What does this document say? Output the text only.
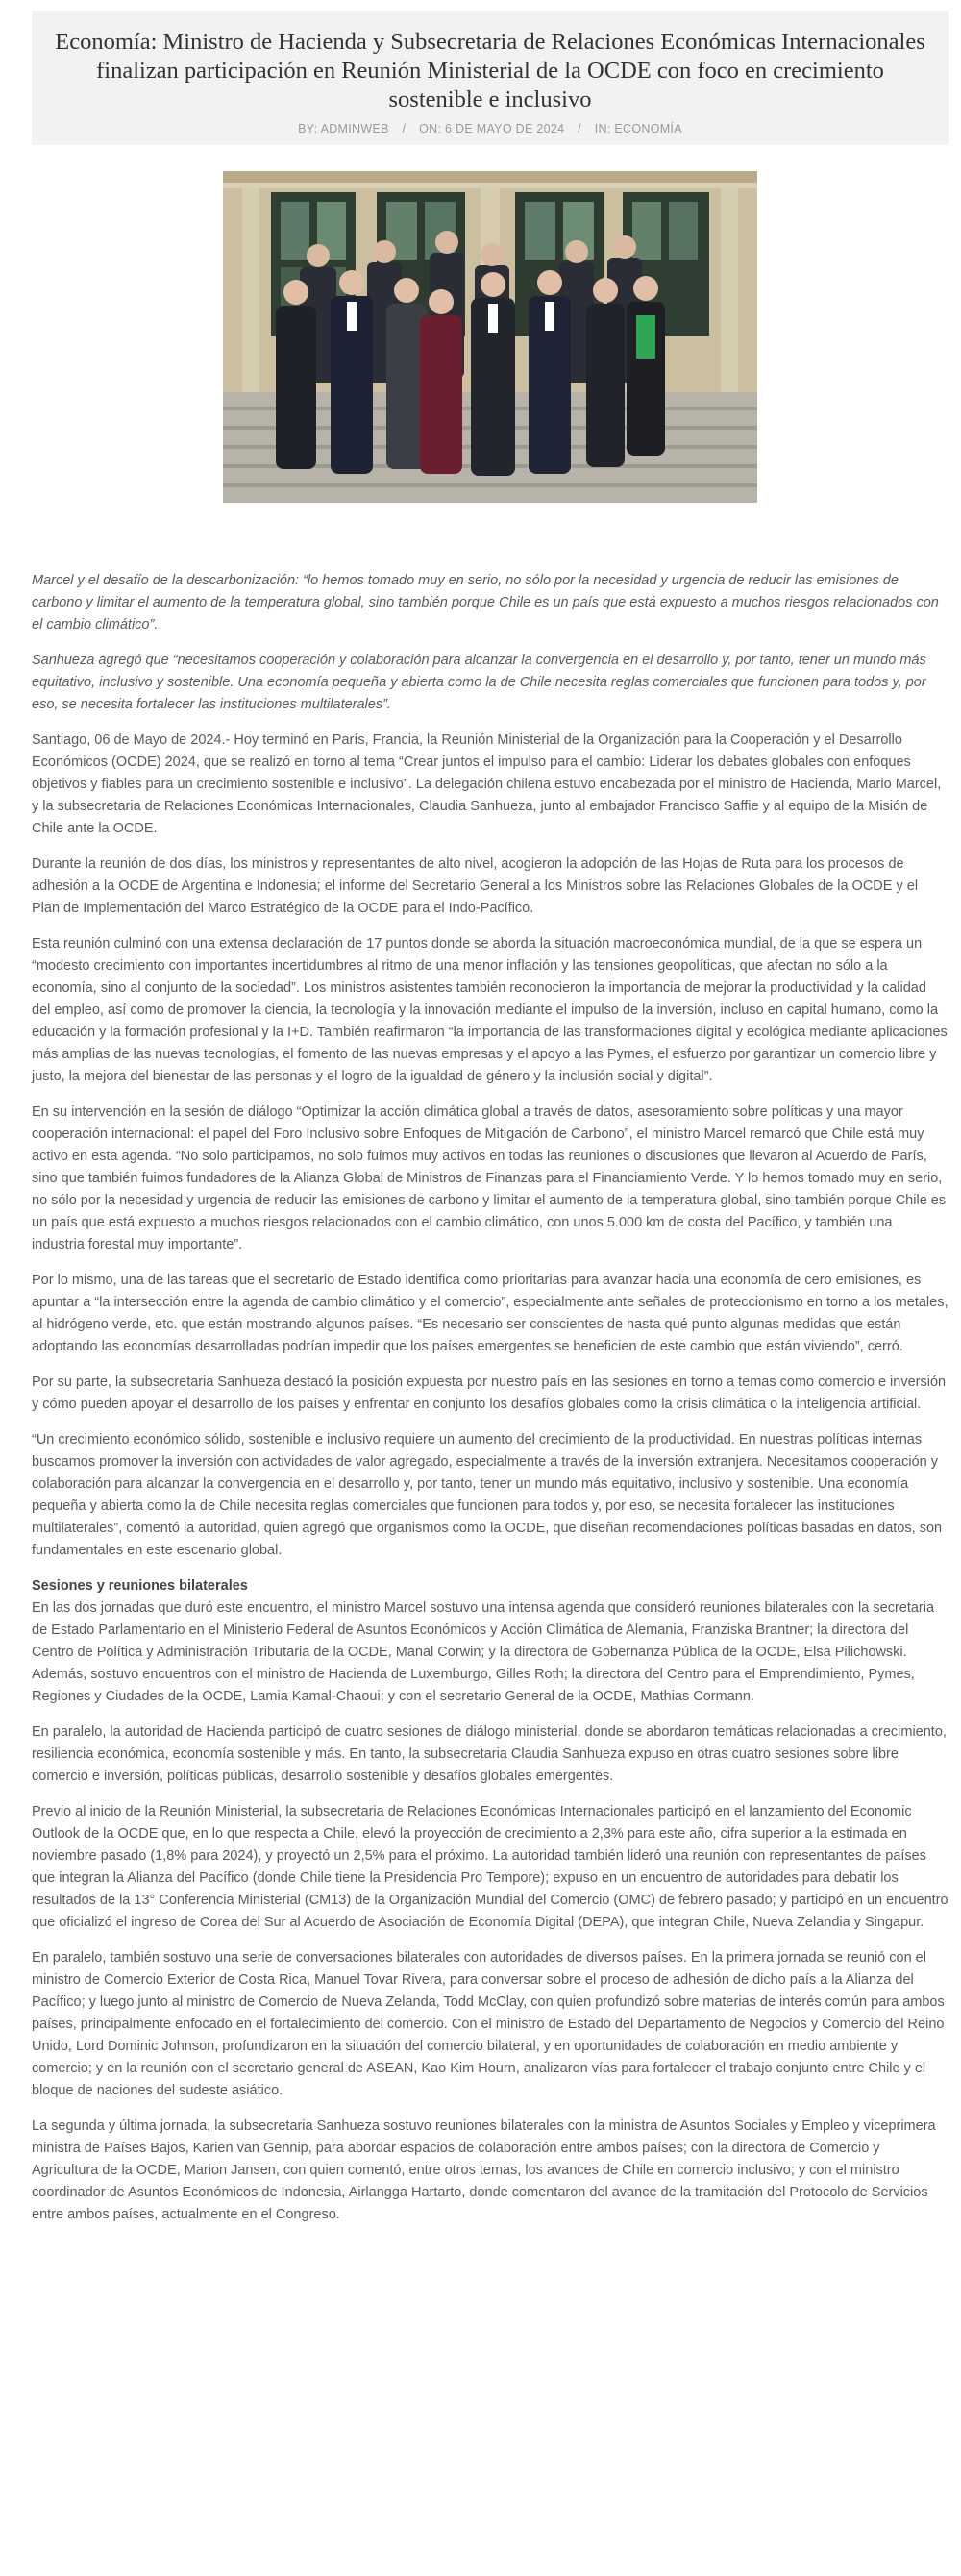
Economía: Ministro de Hacienda y Subsecretaria de Relaciones Económicas Internacionales finalizan participación en Reunión Ministerial de la OCDE con foco en crecimiento sostenible e inclusivo
BY: ADMINWEB / ON: 6 DE MAYO DE 2024 / IN: ECONOMÍA

Marcel y el desafío de la descarbonización: “lo hemos tomado muy en serio, no sólo por la necesidad y urgencia de reducir las emisiones de carbono y limitar el aumento de la temperatura global, sino también porque Chile es un país que está expuesto a muchos riesgos relacionados con el cambio climático”.

Sanhueza agregó que “necesitamos cooperación y colaboración para alcanzar la convergencia en el desarrollo y, por tanto, tener un mundo más equitativo, inclusivo y sostenible. Una economía pequeña y abierta como la de Chile necesita reglas comerciales que funcionen para todos y, por eso, se necesita fortalecer las instituciones multilaterales”.

Santiago, 06 de Mayo de 2024.- Hoy terminó en París, Francia, la Reunión Ministerial de la Organización para la Cooperación y el Desarrollo Económicos (OCDE) 2024, que se realizó en torno al tema “Crear juntos el impulso para el cambio: Liderar los debates globales con enfoques objetivos y fiables para un crecimiento sostenible e inclusivo”. La delegación chilena estuvo encabezada por el ministro de Hacienda, Mario Marcel, y la subsecretaria de Relaciones Económicas Internacionales, Claudia Sanhueza, junto al embajador Francisco Saffie y al equipo de la Misión de Chile ante la OCDE.

Durante la reunión de dos días, los ministros y representantes de alto nivel, acogieron la adopción de las Hojas de Ruta para los procesos de adhesión a la OCDE de Argentina e Indonesia; el informe del Secretario General a los Ministros sobre las Relaciones Globales de la OCDE y el Plan de Implementación del Marco Estratégico de la OCDE para el Indo-Pacífico.

Esta reunión culminó con una extensa declaración de 17 puntos donde se aborda la situación macroeconómica mundial, de la que se espera un “modesto crecimiento con importantes incertidumbres al ritmo de una menor inflación y las tensiones geopolíticas, que afectan no sólo a la economía, sino al conjunto de la sociedad”. Los ministros asistentes también reconocieron la importancia de mejorar la productividad y la calidad del empleo, así como de promover la ciencia, la tecnología y la innovación mediante el impulso de la inversión, incluso en capital humano, como la educación y la formación profesional y la I+D. También reafirmaron “la importancia de las transformaciones digital y ecológica mediante aplicaciones más amplias de las nuevas tecnologías, el fomento de las nuevas empresas y el apoyo a las Pymes, el esfuerzo por garantizar un comercio libre y justo, la mejora del bienestar de las personas y el logro de la igualdad de género y la inclusión social y digital”.

En su intervención en la sesión de diálogo “Optimizar la acción climática global a través de datos, asesoramiento sobre políticas y una mayor cooperación internacional: el papel del Foro Inclusivo sobre Enfoques de Mitigación de Carbono”, el ministro Marcel remarcó que Chile está muy activo en esta agenda. “No solo participamos, no solo fuimos muy activos en todas las reuniones o discusiones que llevaron al Acuerdo de París, sino que también fuimos fundadores de la Alianza Global de Ministros de Finanzas para el Financiamiento Verde. Y lo hemos tomado muy en serio, no sólo por la necesidad y urgencia de reducir las emisiones de carbono y limitar el aumento de la temperatura global, sino también porque Chile es un país que está expuesto a muchos riesgos relacionados con el cambio climático, con unos 5.000 km de costa del Pacífico, y también una industria forestal muy importante”.

Por lo mismo, una de las tareas que el secretario de Estado identifica como prioritarias para avanzar hacia una economía de cero emisiones, es apuntar a “la intersección entre la agenda de cambio climático y el comercio”, especialmente ante señales de proteccionismo en torno a los metales, al hidrógeno verde, etc. que están mostrando algunos países. “Es necesario ser conscientes de hasta qué punto algunas medidas que están adoptando las economías desarrolladas podrían impedir que los países emergentes se beneficien de este cambio que están viviendo”, cerró.

Por su parte, la subsecretaria Sanhueza destacó la posición expuesta por nuestro país en las sesiones en torno a temas como comercio e inversión y cómo pueden apoyar el desarrollo de los países y enfrentar en conjunto los desafíos globales como la crisis climática o la inteligencia artificial.

“Un crecimiento económico sólido, sostenible e inclusivo requiere un aumento del crecimiento de la productividad. En nuestras políticas internas buscamos promover la inversión con actividades de valor agregado, especialmente a través de la inversión extranjera. Necesitamos cooperación y colaboración para alcanzar la convergencia en el desarrollo y, por tanto, tener un mundo más equitativo, inclusivo y sostenible. Una economía pequeña y abierta como la de Chile necesita reglas comerciales que funcionen para todos y, por eso, se necesita fortalecer las instituciones multilaterales”, comentó la autoridad, quien agregó que organismos como la OCDE, que diseñan recomendaciones políticas basadas en datos, son fundamentales en este escenario global.

Sesiones y reuniones bilaterales

En las dos jornadas que duró este encuentro, el ministro Marcel sostuvo una intensa agenda que consideró reuniones bilaterales con la secretaria de Estado Parlamentario en el Ministerio Federal de Asuntos Económicos y Acción Climática de Alemania, Franziska Brantner; la directora del Centro de Política y Administración Tributaria de la OCDE, Manal Corwin; y la directora de Gobernanza Pública de la OCDE, Elsa Pilichowski. Además, sostuvo encuentros con el ministro de Hacienda de Luxemburgo, Gilles Roth; la directora del Centro para el Emprendimiento, Pymes, Regiones y Ciudades de la OCDE, Lamia Kamal-Chaoui; y con el secretario General de la OCDE, Mathias Cormann.

En paralelo, la autoridad de Hacienda participó de cuatro sesiones de diálogo ministerial, donde se abordaron temáticas relacionadas a crecimiento, resiliencia económica, economía sostenible y más. En tanto, la subsecretaria Claudia Sanhueza expuso en otras cuatro sesiones sobre libre comercio e inversión, políticas públicas, desarrollo sostenible y desafíos globales emergentes.

Previo al inicio de la Reunión Ministerial, la subsecretaria de Relaciones Económicas Internacionales participó en el lanzamiento del Economic Outlook de la OCDE que, en lo que respecta a Chile, elevó la proyección de crecimiento a 2,3% para este año, cifra superior a la estimada en noviembre pasado (1,8% para 2024), y proyectó un 2,5% para el próximo. La autoridad también lideró una reunión con representantes de países que integran la Alianza del Pacífico (donde Chile tiene la Presidencia Pro Tempore); expuso en un encuentro de autoridades para debatir los resultados de la 13° Conferencia Ministerial (CM13) de la Organización Mundial del Comercio (OMC) de febrero pasado; y participó en un encuentro que oficializó el ingreso de Corea del Sur al Acuerdo de Asociación de Economía Digital (DEPA), que integran Chile, Nueva Zelandia y Singapur.

En paralelo, también sostuvo una serie de conversaciones bilaterales con autoridades de diversos países. En la primera jornada se reunió con el ministro de Comercio Exterior de Costa Rica, Manuel Tovar Rivera, para conversar sobre el proceso de adhesión de dicho país a la Alianza del Pacífico; y luego junto al ministro de Comercio de Nueva Zelanda, Todd McClay, con quien profundizó sobre materias de interés común para ambos países, principalmente enfocado en el fortalecimiento del comercio. Con el ministro de Estado del Departamento de Negocios y Comercio del Reino Unido, Lord Dominic Johnson, profundizaron en la situación del comercio bilateral, y en oportunidades de colaboración en medio ambiente y comercio; y en la reunión con el secretario general de ASEAN, Kao Kim Hourn, analizaron vías para fortalecer el trabajo conjunto entre Chile y el bloque de naciones del sudeste asiático.

La segunda y última jornada, la subsecretaria Sanhueza sostuvo reuniones bilaterales con la ministra de Asuntos Sociales y Empleo y viceprimera ministra de Países Bajos, Karien van Gennip, para abordar espacios de colaboración entre ambos países; con la directora de Comercio y Agricultura de la OCDE, Marion Jansen, con quien comentó, entre otros temas, los avances de Chile en comercio inclusivo; y con el ministro coordinador de Asuntos Económicos de Indonesia, Airlangga Hartarto, donde comentaron del avance de la tramitación del Protocolo de Servicios entre ambos países, actualmente en el Congreso.
